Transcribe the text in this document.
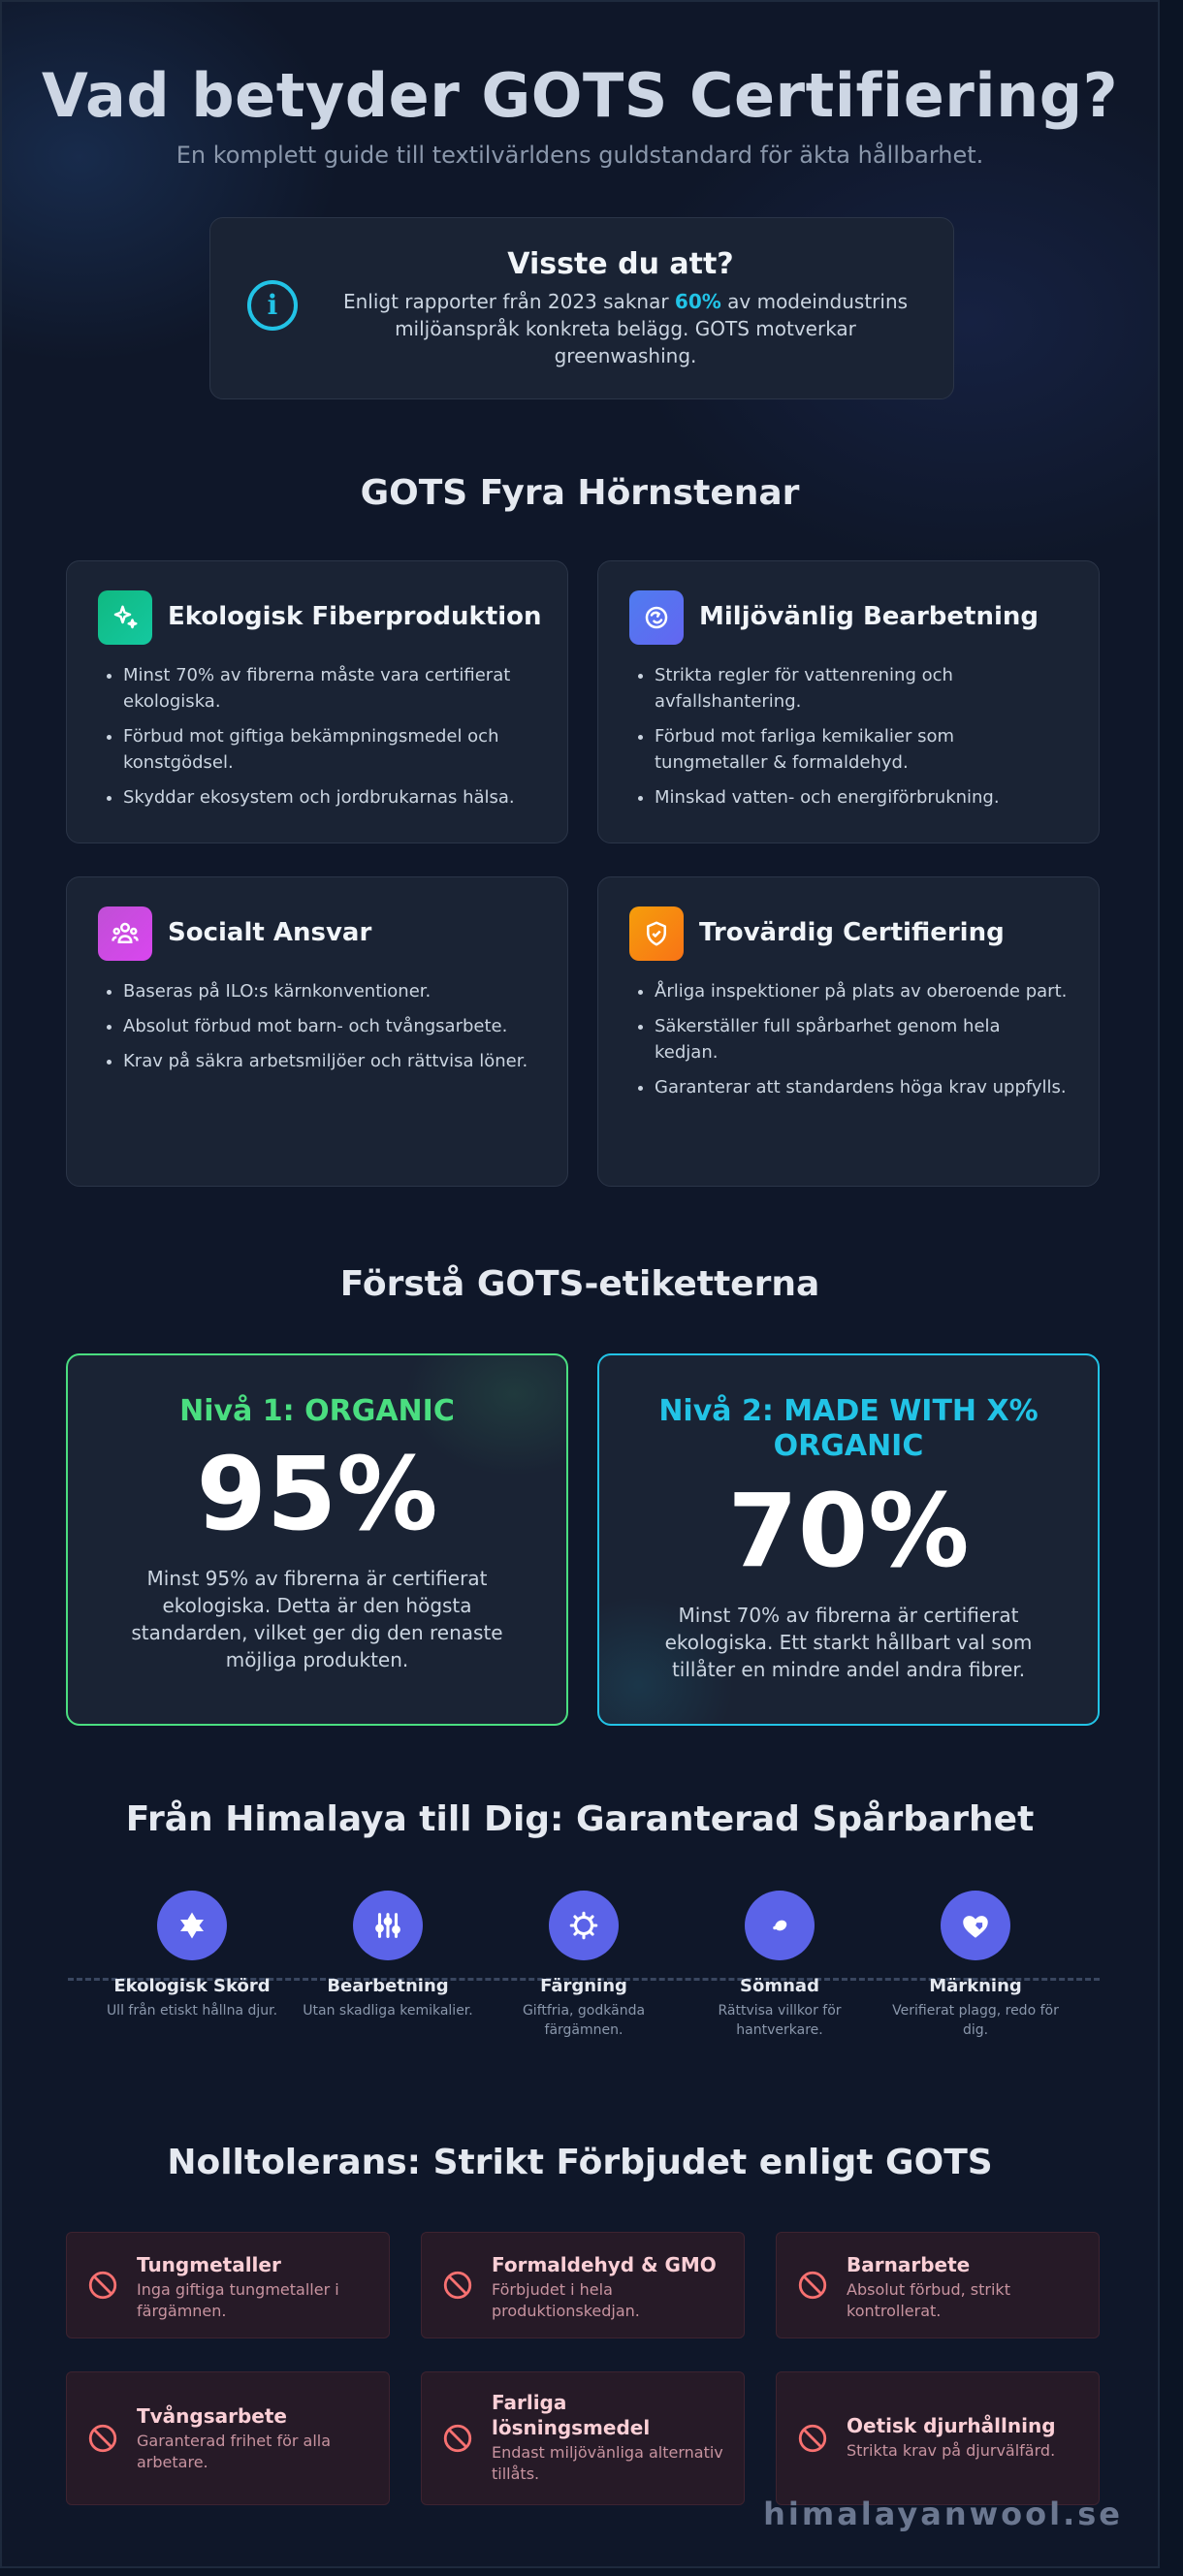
Vad betyder GOTS Certifiering?
En komplett guide till textilvärldens guldstandard för äkta hållbarhet.
i
Visste du att?
Enligt rapporter från 2023 saknar 60% av modeindustrins miljöanspråk konkreta belägg. GOTS motverkar greenwashing.
GOTS Fyra Hörnstenar
Ekologisk Fiberproduktion
• Minst 70% av fibrerna måste vara certifierat ekologiska.
• Förbud mot giftiga bekämpningsmedel och konstgödsel.
• Skyddar ekosystem och jordbrukarnas hälsa.
Miljövänlig Bearbetning
• Strikta regler för vattenrening och avfallshantering.
• Förbud mot farliga kemikalier som tungmetaller & formaldehyd.
• Minskad vatten- och energiförbrukning.
Socialt Ansvar
• Baseras på ILO:s kärnkonventioner.
• Absolut förbud mot barn- och tvångsarbete.
• Krav på säkra arbetsmiljöer och rättvisa löner.
Trovärdig Certifiering
• Årliga inspektioner på plats av oberoende part.
• Säkerställer full spårbarhet genom hela kedjan.
• Garanterar att standardens höga krav uppfylls.
Förstå GOTS-etiketterna
Nivå 1: ORGANIC
95%
Minst 95% av fibrerna är certifierat ekologiska. Detta är den högsta standarden, vilket ger dig den renaste möjliga produkten.
Nivå 2: MADE WITH X% ORGANIC
70%
Minst 70% av fibrerna är certifierat ekologiska. Ett starkt hållbart val som tillåter en mindre andel andra fibrer.
Från Himalaya till Dig: Garanterad Spårbarhet
Ekologisk Skörd
Ull från etiskt hållna djur.
Bearbetning
Utan skadliga kemikalier.
Färgning
Giftfria, godkända färgämnen.
Sömnad
Rättvisa villkor för hantverkare.
Märkning
Verifierat plagg, redo för dig.
Nolltolerans: Strikt Förbjudet enligt GOTS
Tungmetaller
Inga giftiga tungmetaller i färgämnen.
Formaldehyd & GMO
Förbjudet i hela produktionskedjan.
Barnarbete
Absolut förbud, strikt kontrollerat.
Tvångsarbete
Garanterad frihet för alla arbetare.
Farliga lösningsmedel
Endast miljövänliga alternativ tillåts.
Oetisk djurhållning
Strikta krav på djurvälfärd.
himalayanwool.se
